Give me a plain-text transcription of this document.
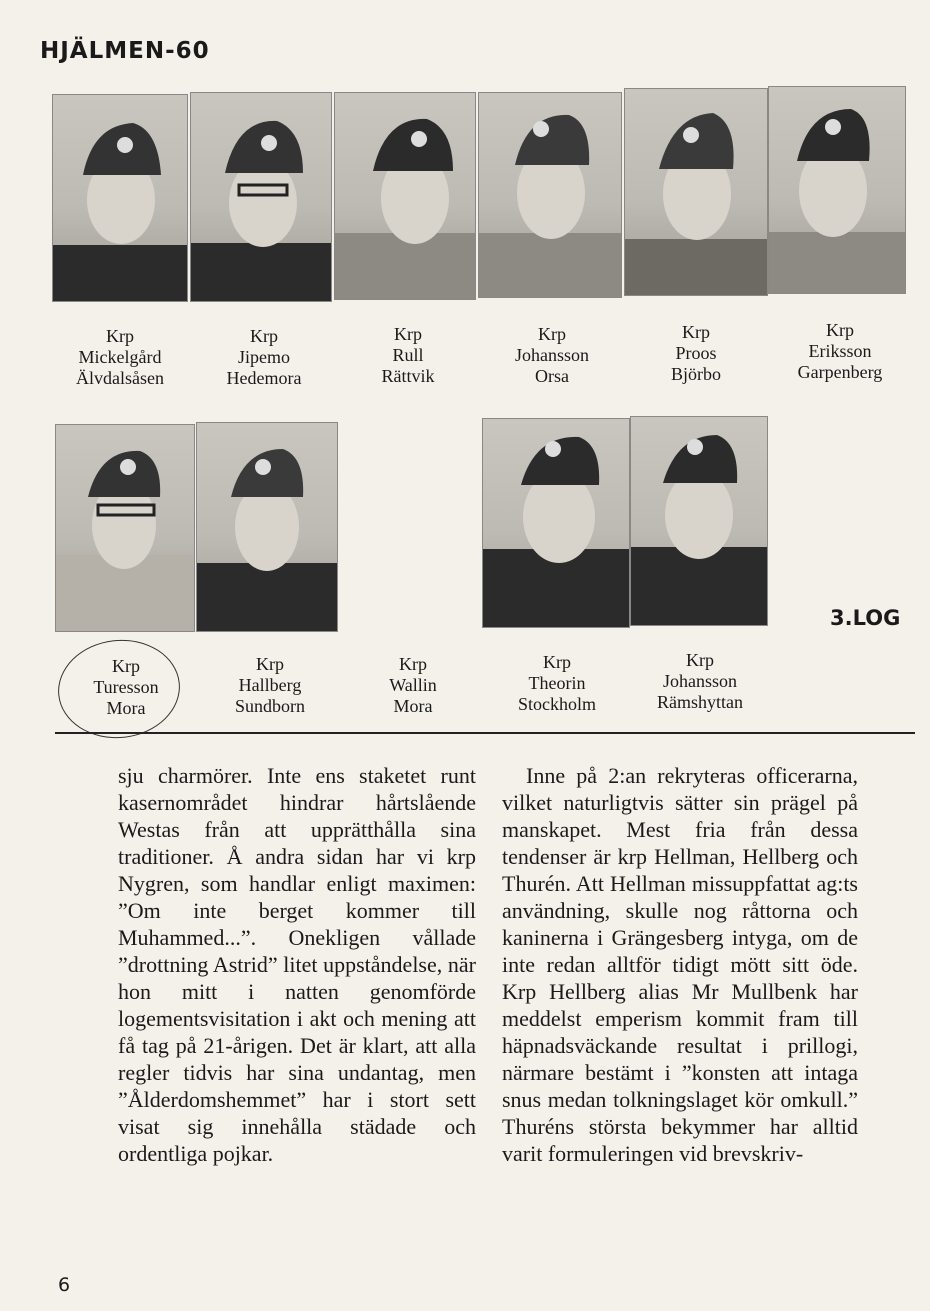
HJÄLMEN-60
Krp
Mickelgård
Älvdalsåsen
Krp
Jipemo
Hedemora
Krp
Rull
Rättvik
Krp
Johansson
Orsa
Krp
Proos
Björbo
Krp
Eriksson
Garpenberg
3.LOG
Krp
Turesson
Mora
Krp
Hallberg
Sundborn
Krp
Wallin
Mora
Krp
Theorin
Stockholm
Krp
Johansson
Rämshyttan

sju charmörer. Inte ens staketet runt kasernområdet hindrar hårtslående Westas från att upprätthålla sina traditioner. Å andra sidan har vi krp Nygren, som handlar enligt maximen: ”Om inte berget kommer till Muhammed...”. Onekligen vållade ”drottning Astrid” litet uppståndelse, när hon mitt i natten genomförde logementsvisitation i akt och mening att få tag på 21-årigen. Det är klart, att alla regler tidvis har sina undantag, men ”Ålderdomshemmet” har i stort sett visat sig innehålla städade och ordentliga pojkar.

Inne på 2:an rekryteras officerarna, vilket naturligtvis sätter sin prägel på manskapet. Mest fria från dessa tendenser är krp Hellman, Hellberg och Thurén. Att Hellman missuppfattat ag:ts användning, skulle nog råttorna och kaninerna i Grängesberg intyga, om de inte redan alltför tidigt mött sitt öde. Krp Hellberg alias Mr Mullbenk har meddelst emperism kommit fram till häpnadsväckande resultat i prillogi, närmare bestämt i ”konsten att intaga snus medan tolkningslaget kör omkull.” Thuréns största bekymmer har alltid varit formuleringen vid brevskriv-

6
